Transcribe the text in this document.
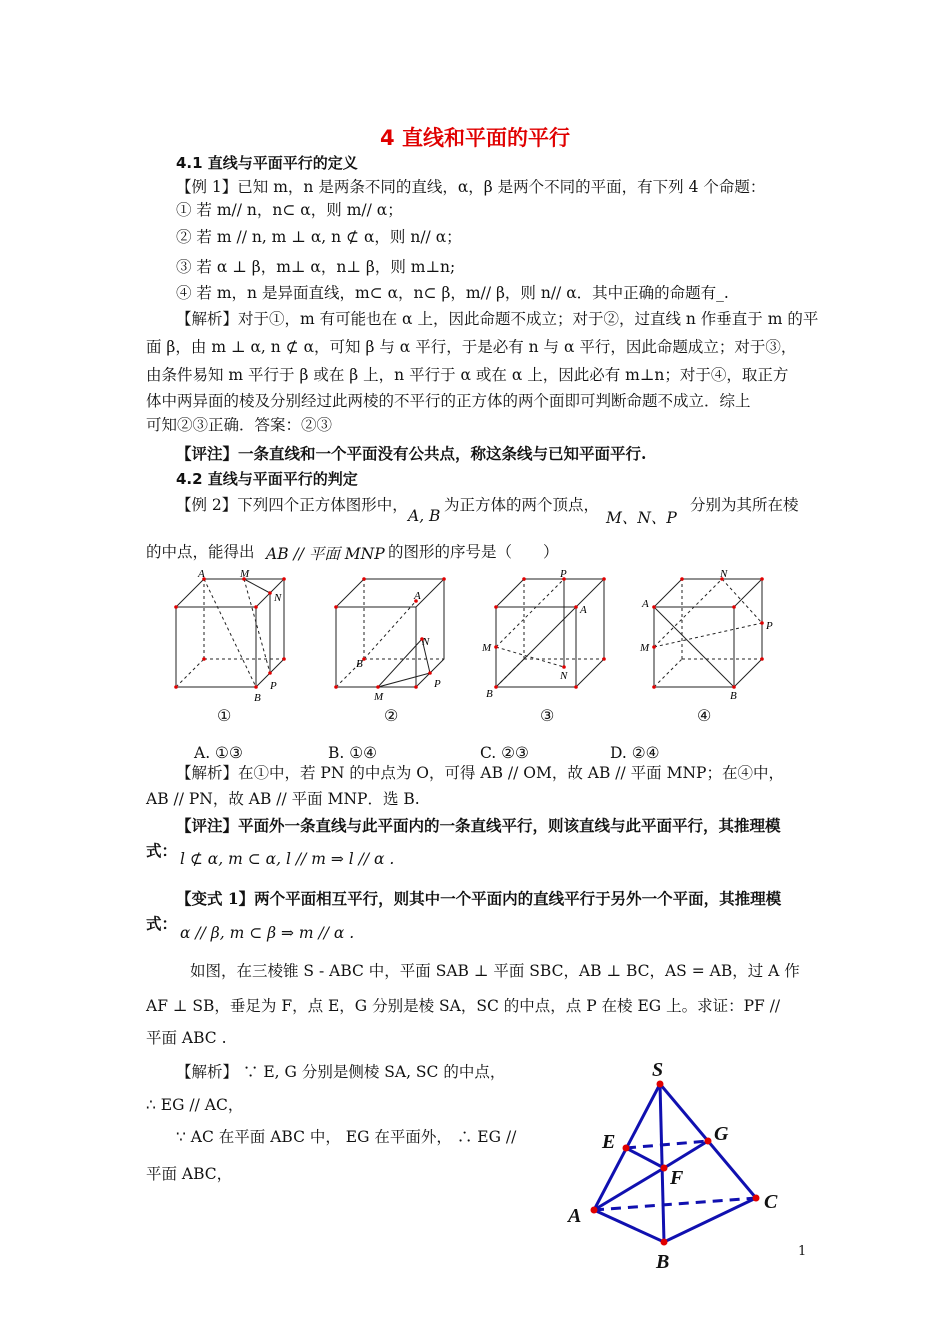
4 直线和平面的平行
4.1 直线与平面平行的定义
【例 1】已知 m，n 是两条不同的直线，α，β 是两个不同的平面，有下列 4 个命题：
① 若 m// n，n⊂ α，则 m// α；
② 若 m // n, m ⊥ α, n ⊄ α，则 n// α；
③ 若 α ⊥ β，m⊥ α，n⊥ β，则 m⊥n;
④ 若 m，n 是异面直线，m⊂ α，n⊂ β，m// β，则 n// α．其中正确的命题有_.
【解析】对于①，m 有可能也在 α 上，因此命题不成立；对于②，过直线 n 作垂直于 m 的平
面 β，由 m ⊥ α, n ⊄ α，可知 β 与 α 平行，于是必有 n 与 α 平行，因此命题成立；对于③，
由条件易知 m 平行于 β 或在 β 上，n 平行于 α 或在 α 上，因此必有 m⊥n；对于④，取正方
体中两异面的棱及分别经过此两棱的不平行的正方体的两个面即可判断命题不成立．综上
可知②③正确．答案：②③
【评注】一条直线和一个平面没有公共点，称这条线与已知平面平行.
4.2 直线与平面平行的判定
【例 2】下列四个正方体图形中，
A, B
为正方体的两个顶点，
M、N、P
分别为其所在棱
的中点，能得出 AB // 平面 MNP 的图形的序号是（　　）
A	M
N
P
B
B
A
M
N
P
P
A
M
N
B
N
A
P
M
B
①	②	③	④
A. ①③	B. ①④	C. ②③	D. ②④
【解析】在①中，若 PN 的中点为 O，可得 AB // OM，故 AB // 平面 MNP；在④中，
AB // PN，故 AB // 平面 MNP．选 B.
【评注】平面外一条直线与此平面内的一条直线平行，则该直线与此平面平行，其推理模
式： l ⊄ α, m ⊂ α, l // m ⇒ l // α .
【变式 1】两个平面相互平行，则其中一个平面内的直线平行于另外一个平面，其推理模
式： α // β, m ⊂ β ⇒ m // α .
如图，在三棱锥 S - ABC 中，平面 SAB ⊥ 平面 SBC，AB ⊥ BC，AS = AB，过 A 作
AF ⊥ SB，垂足为 F，点 E，G 分别是棱 SA，SC 的中点，点 P 在棱 EG 上。求证：PF //
平面 ABC .
【解析】 ∵ E, G 分别是侧棱 SA, SC 的中点，
∴ EG // AC，
∵ AC 在平面 ABC 中， EG 在平面外， ∴ EG //
平面 ABC，
S
E	G
F
A
C
B	1
